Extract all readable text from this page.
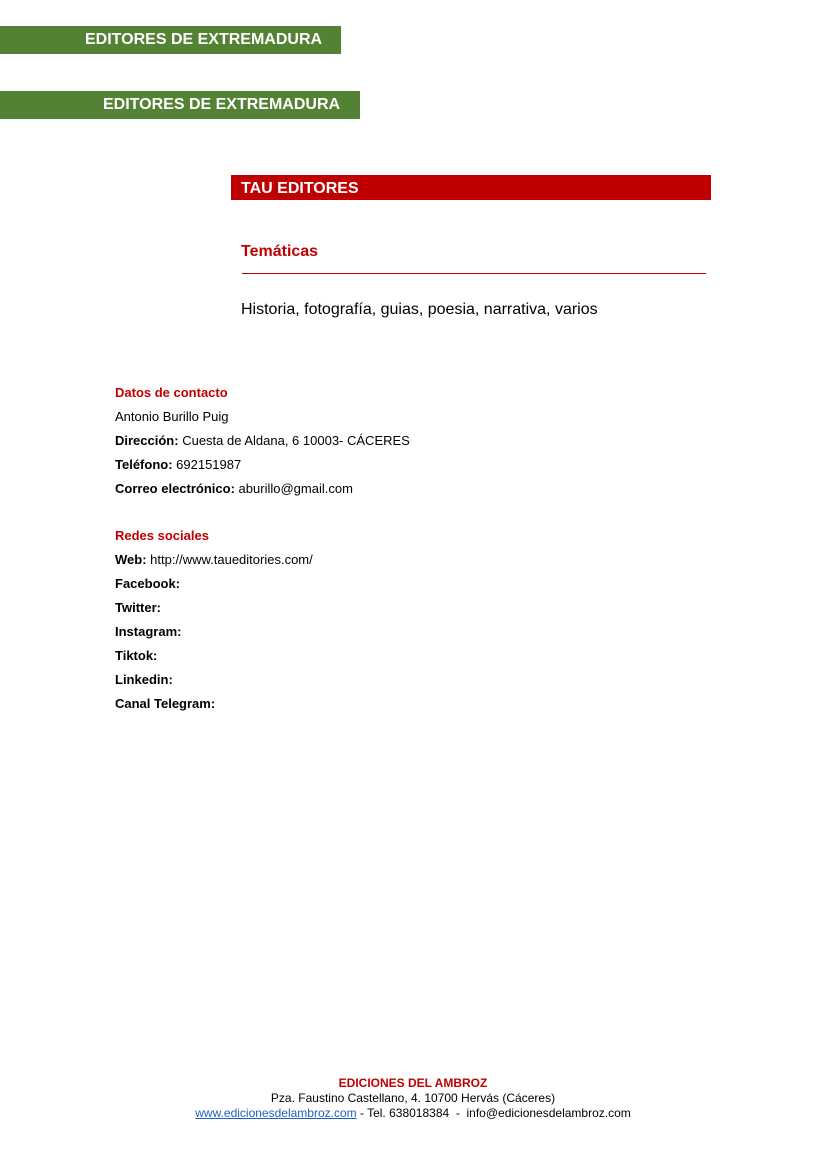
EDITORES DE EXTREMADURA
EDITORES DE EXTREMADURA
TAU EDITORES
Temáticas
Historia, fotografía, guias, poesia, narrativa, varios
Datos de contacto
Antonio Burillo Puig
Dirección: Cuesta de Aldana, 6 10003- CÁCERES
Teléfono: 692151987
Correo electrónico: aburillo@gmail.com
Redes sociales
Web: http://www.taueditories.com/
Facebook:
Twitter:
Instagram:
Tiktok:
Linkedin:
Canal Telegram:
EDICIONES DEL AMBROZ
Pza. Faustino Castellano, 4. 10700 Hervás (Cáceres)
www.edicionesdelambroz.com - Tel. 638018384  -  info@edicionesdelambroz.com
